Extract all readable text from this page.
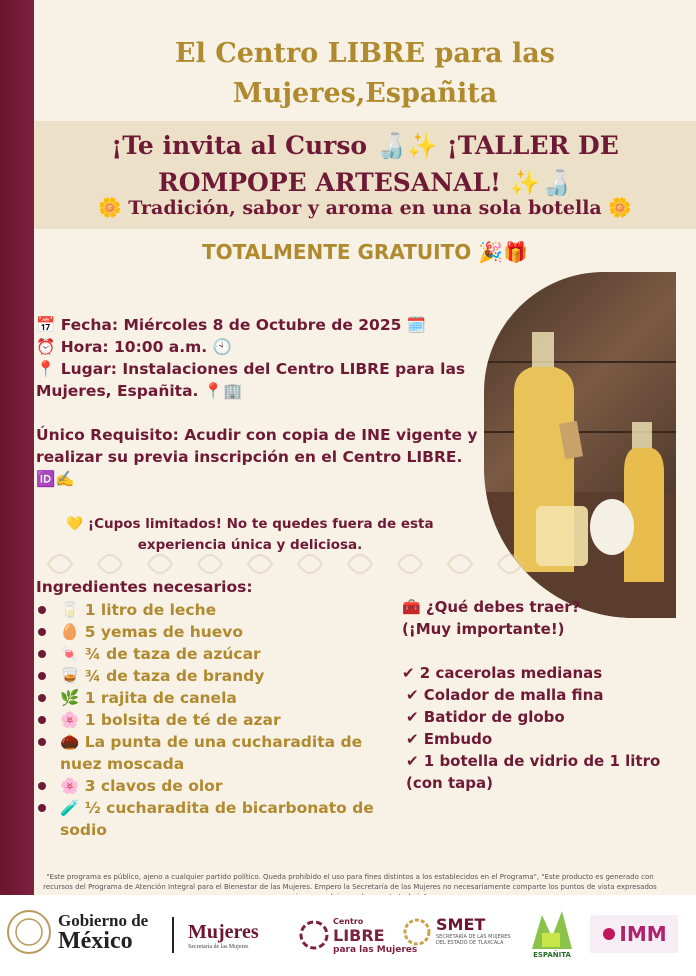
El Centro LIBRE para las
Mujeres,Españita
¡Te invita al Curso 🍶✨ ¡TALLER DE
ROMPOPE ARTESANAL! ✨🍶
🌼 Tradición, sabor y aroma en una sola botella 🌼
TOTALMENTE GRATUITO 🎉🎁

📅 Fecha: Miércoles 8 de Octubre de 2025 🗓️

⏰ Hora: 10:00 a.m. 🕙

📍 Lugar: Instalaciones del Centro LIBRE para las Mujeres, Españita. 📍🏢

Único Requisito: Acudir con copia de INE vigente y realizar su previa inscripción en el Centro LIBRE. 🆔✍️

💛 ¡Cupos limitados! No te quedes fuera de esta experiencia única y deliciosa.
Ingredientes necesarios:
🥛 1 litro de leche
🥚 5 yemas de huevo
🍬 ¾ de taza de azúcar
🥃 ¾ de taza de brandy
🌿 1 rajita de canela
🌸 1 bolsita de té de azar
🌰 La punta de una cucharadita de nuez moscada
🌸 3 clavos de olor
🧪 ½ cucharadita de bicarbonato de sodio

🧰 ¿Qué debes traer?

(¡Muy importante!)

✔ 2 cacerolas medianas

✔ Colador de malla fina

✔ Batidor de globo

✔ Embudo

✔ 1 botella de vidrio de 1 litro (con tapa)

"Este programa es público, ajeno a cualquier partido político. Queda prohibido el uso para fines distintos a los establecidos en el Programa", "Este producto es generado con recursos del Programa de Atención Integral para el Bienestar de las Mujeres. Empero la Secretaría de las Mujeres no necesariamente comparte los puntos de vista expresados
Gobierno de
México	Mujeres
Secretaría de las Mujeres
Centro
LIBRE
para las Mujeres
SMET
SECRETARÍA DE LAS MUJERES DEL ESTADO DE TLAXCALA
ESPAÑITA
IMM
